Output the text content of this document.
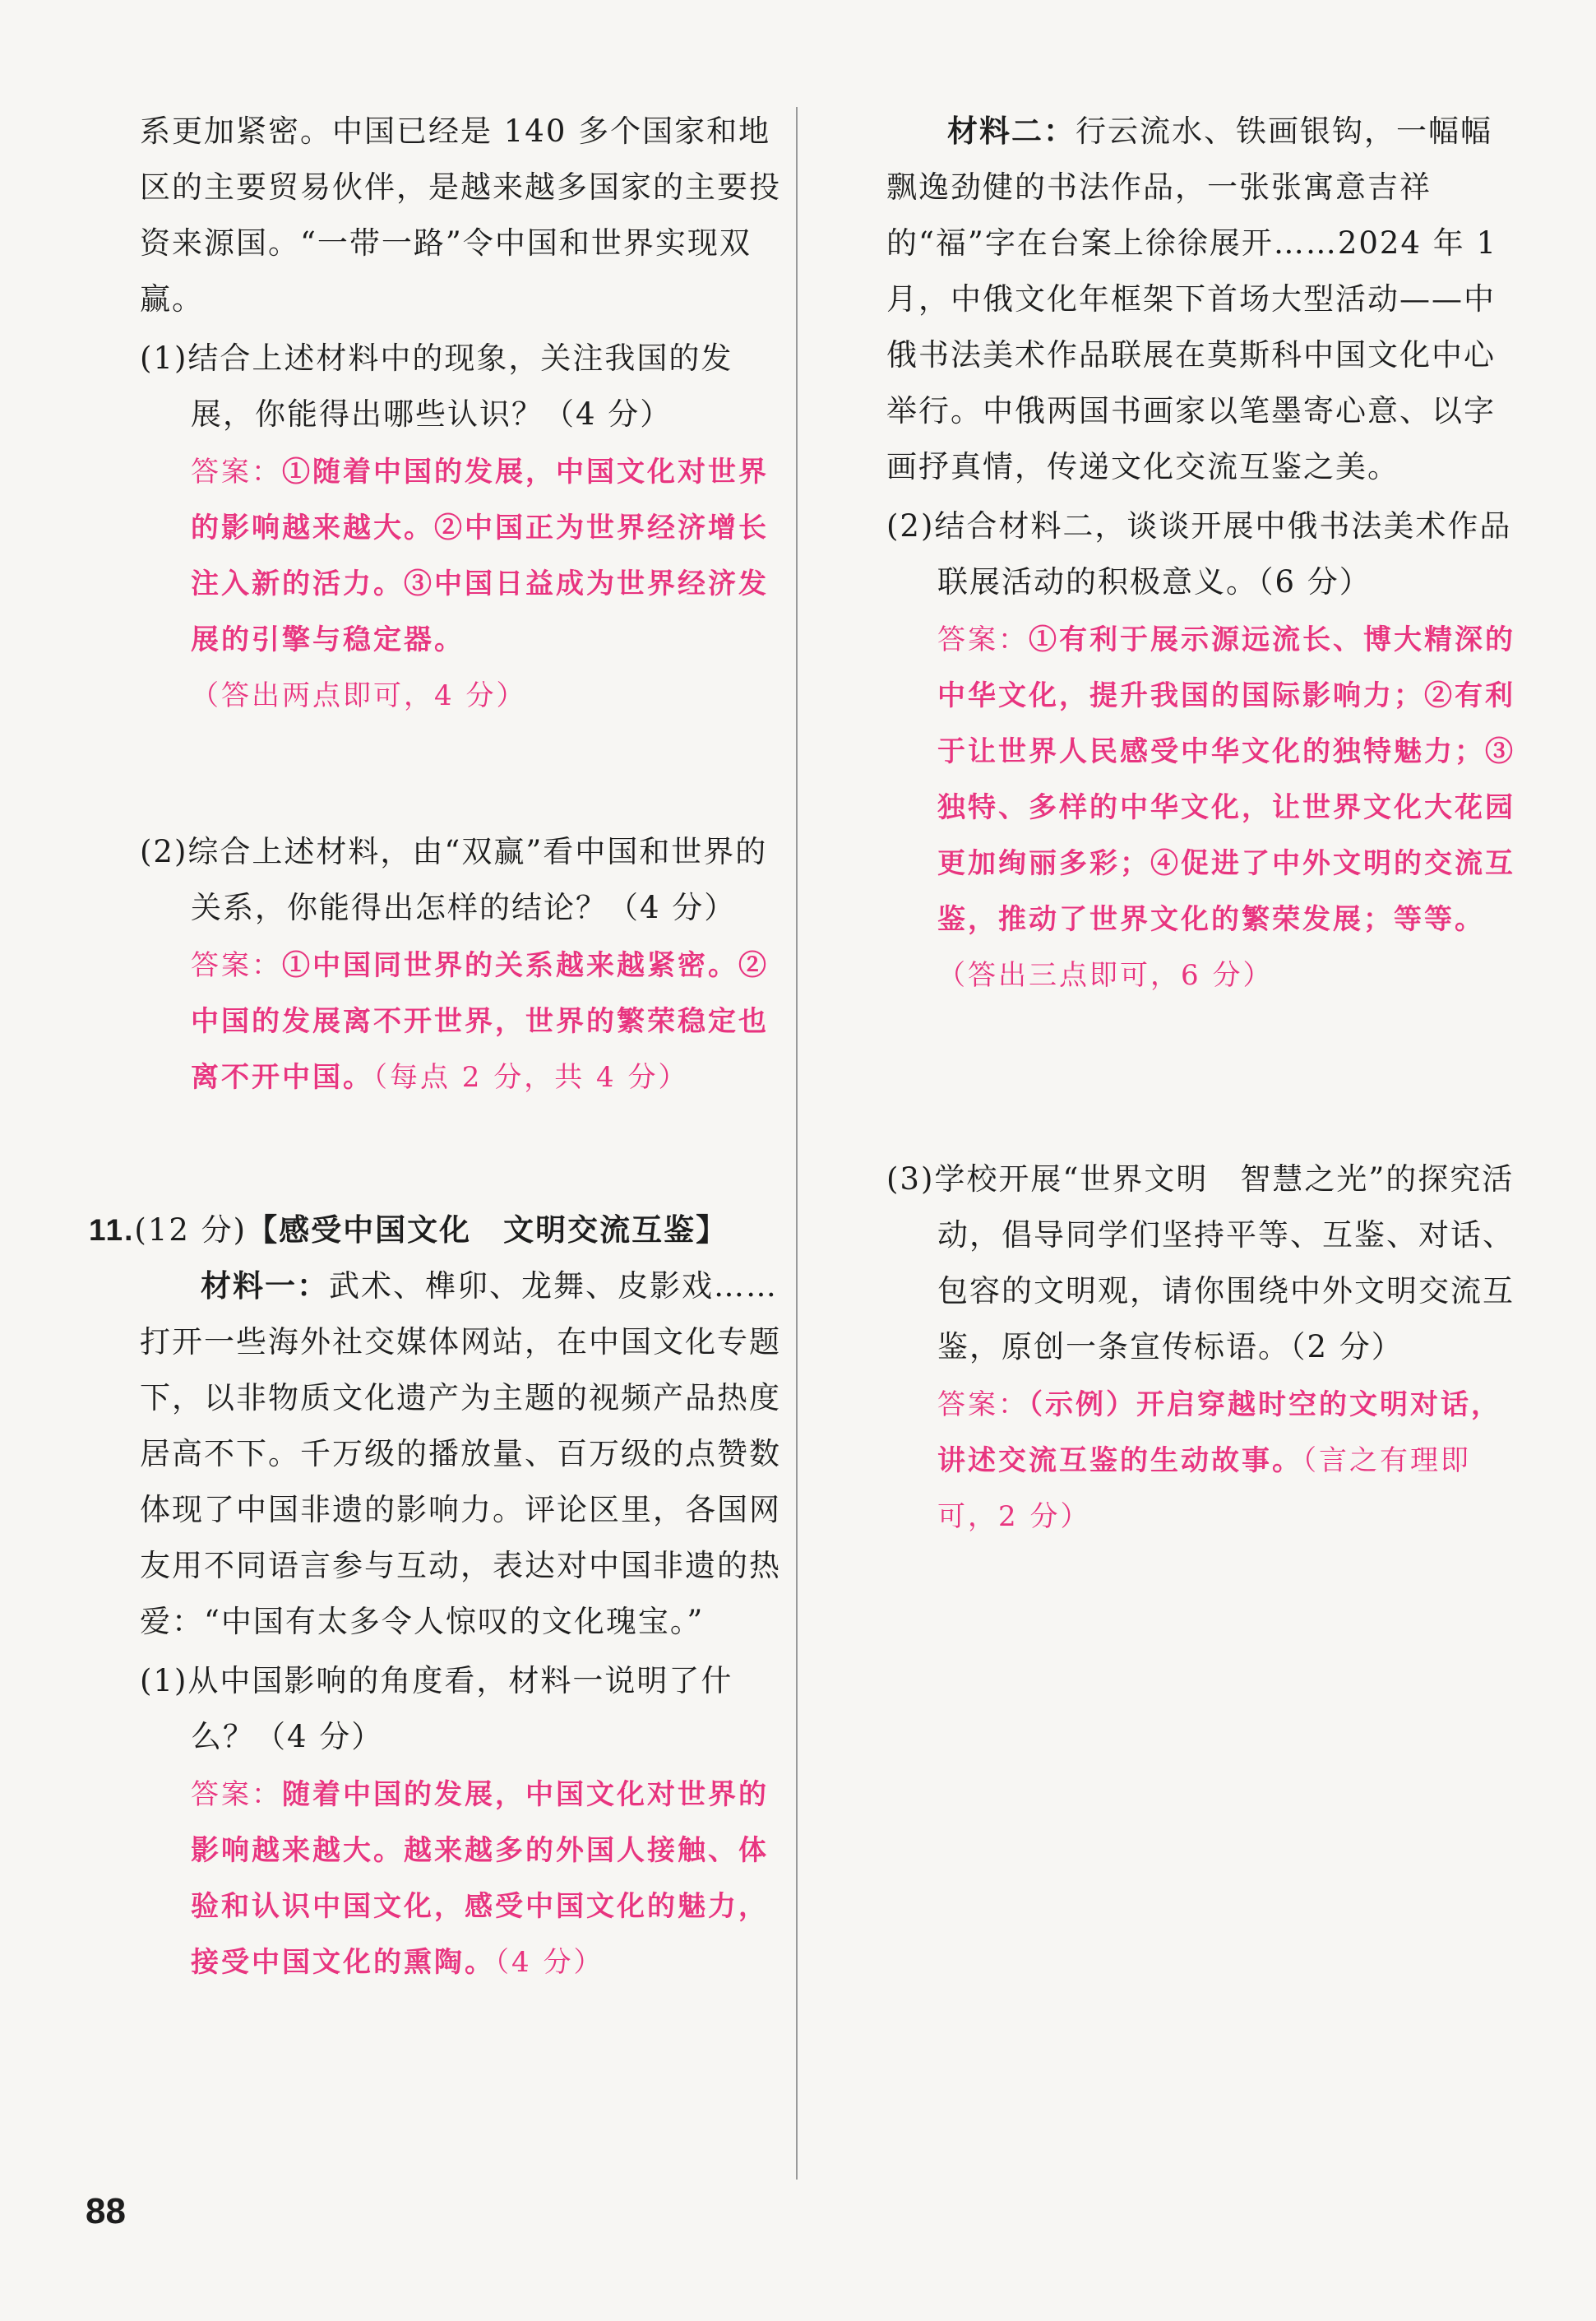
系更加紧密。中国已经是 140 多个国家和地区的主要贸易伙伴，是越来越多国家的主要投资来源国。“一带一路”令中国和世界实现双赢。

(1)结合上述材料中的现象，关注我国的发展，你能得出哪些认识？（4 分）

答案：①随着中国的发展，中国文化对世界的影响越来越大。②中国正为世界经济增长注入新的活力。③中国日益成为世界经济发展的引擎与稳定器。（答出两点即可，4 分）

(2)综合上述材料，由“双赢”看中国和世界的关系，你能得出怎样的结论？（4 分）

答案：①中国同世界的关系越来越紧密。②中国的发展离不开世界，世界的繁荣稳定也离不开中国。（每点 2 分，共 4 分）

11.(12 分)【感受中国文化　文明交流互鉴】

材料一：武术、榫卯、龙舞、皮影戏……打开一些海外社交媒体网站，在中国文化专题下，以非物质文化遗产为主题的视频产品热度居高不下。千万级的播放量、百万级的点赞数体现了中国非遗的影响力。评论区里，各国网友用不同语言参与互动，表达对中国非遗的热爱：“中国有太多令人惊叹的文化瑰宝。”

(1)从中国影响的角度看，材料一说明了什么？（4 分）

答案：随着中国的发展，中国文化对世界的影响越来越大。越来越多的外国人接触、体验和认识中国文化，感受中国文化的魅力，接受中国文化的熏陶。（4 分）

材料二：行云流水、铁画银钩，一幅幅飘逸劲健的书法作品，一张张寓意吉祥的“福”字在台案上徐徐展开……2024 年 1 月，中俄文化年框架下首场大型活动——中俄书法美术作品联展在莫斯科中国文化中心举行。中俄两国书画家以笔墨寄心意、以字画抒真情，传递文化交流互鉴之美。

(2)结合材料二，谈谈开展中俄书法美术作品联展活动的积极意义。（6 分）

答案：①有利于展示源远流长、博大精深的中华文化，提升我国的国际影响力；②有利于让世界人民感受中华文化的独特魅力；③独特、多样的中华文化，让世界文化大花园更加绚丽多彩；④促进了中外文明的交流互鉴，推动了世界文化的繁荣发展；等等。（答出三点即可，6 分）

(3)学校开展“世界文明　智慧之光”的探究活动，倡导同学们坚持平等、互鉴、对话、包容的文明观，请你围绕中外文明交流互鉴，原创一条宣传标语。（2 分）

答案：（示例）开启穿越时空的文明对话，讲述交流互鉴的生动故事。（言之有理即可，2 分）

88
